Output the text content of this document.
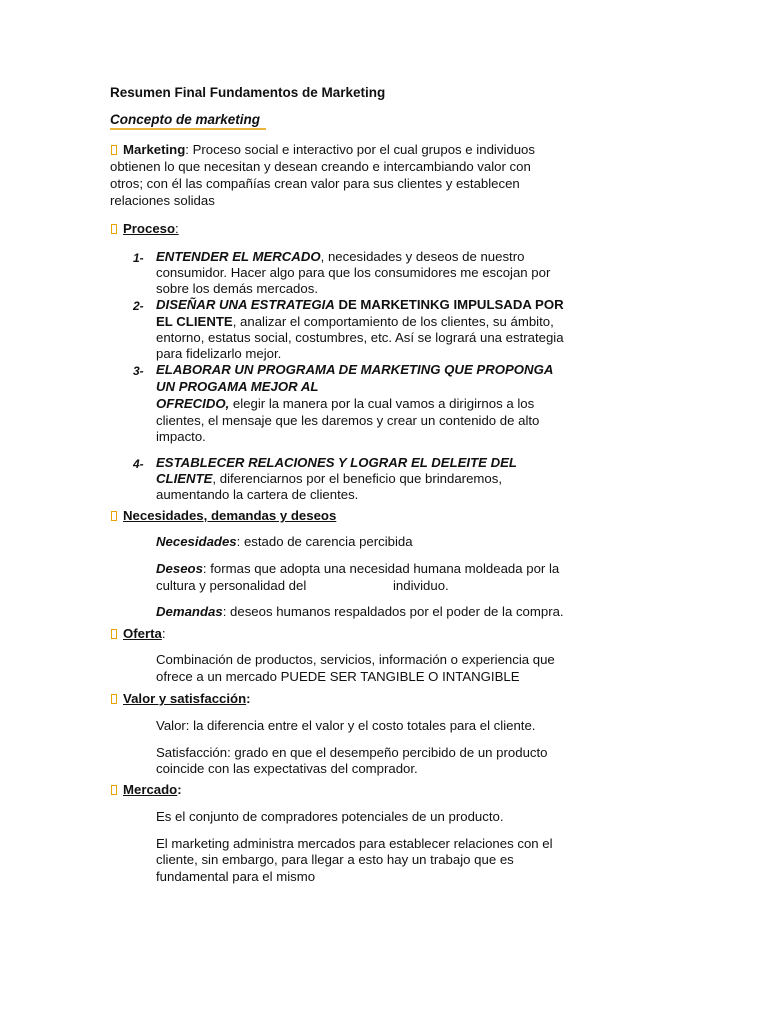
Resumen Final Fundamentos de Marketing
Concepto de marketing
Marketing: Proceso social e interactivo por el cual grupos e individuos
obtienen lo que necesitan y desean creando e intercambiando valor con
otros; con él las compañías crean valor para sus clientes y establecen
relaciones solidas
Proceso:
1- ENTENDER EL MERCADO, necesidades y deseos de nuestro
consumidor. Hacer algo para que los consumidores me escojan por
sobre los demás mercados.
2- DISEÑAR UNA ESTRATEGIA DE MARKETINKG IMPULSADA POR
EL CLIENTE, analizar el comportamiento de los clientes, su ámbito,
entorno, estatus social, costumbres, etc. Así se logrará una estrategia
para fidelizarlo mejor.
3- ELABORAR UN PROGRAMA DE MARKETING QUE PROPONGA
UN PROGAMA MEJOR AL
OFRECIDO, elegir la manera por la cual vamos a dirigirnos a los
clientes, el mensaje que les daremos y crear un contenido de alto
impacto.
4- ESTABLECER RELACIONES Y LOGRAR EL DELEITE DEL
CLIENTE, diferenciarnos por el beneficio que brindaremos,
aumentando la cartera de clientes.
Necesidades, demandas y deseos
Necesidades: estado de carencia percibida
Deseos: formas que adopta una necesidad humana moldeada por la
cultura y personalidad del	individuo.
Demandas: deseos humanos respaldados por el poder de la compra.
Oferta:
Combinación de productos, servicios, información o experiencia que
ofrece a un mercado PUEDE SER TANGIBLE O INTANGIBLE
Valor y satisfacción:
Valor: la diferencia entre el valor y el costo totales para el cliente.
Satisfacción: grado en que el desempeño percibido de un producto
coincide con las expectativas del comprador.
Mercado:
Es el conjunto de compradores potenciales de un producto.
El marketing administra mercados para establecer relaciones con el
cliente, sin embargo, para llegar a esto hay un trabajo que es
fundamental para el mismo
